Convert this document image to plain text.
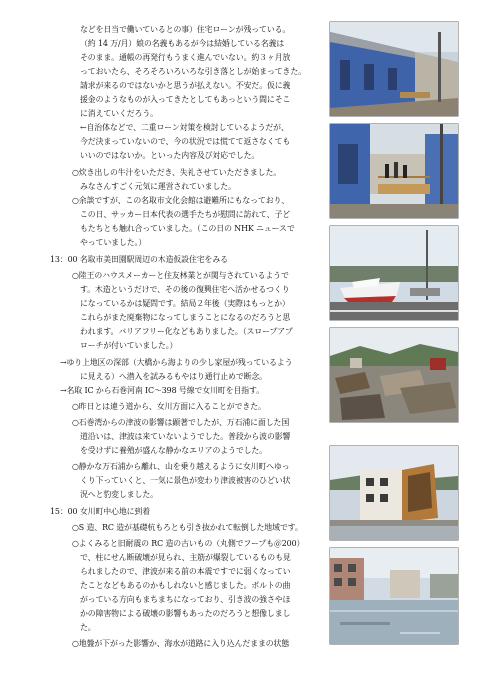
などを日当で働いているとの事）住宅ローンが残っている。
（約 14 万/月）娘の名義もあるが今は結婚している名義は
そのまま。通帳の再発行もうまく進んでいない。約３ヶ月放
っておいたら、そろそろいろいろな引き落としが始まってきた。
請求が来るのではないかと思うが払えない。不安だ。仮に義
援金のようなものが入ってきたとしてもあっという間にそこ
に消えていくだろう。
←自治体などで、二重ローン対策を検討しているようだが、
今だ決まっていないので、今の状況では慌てて返さなくても
いいのではないか。といった内容及び対応でした。
○炊き出しの牛汁をいただき、失礼させていただきました。
みなさんすごく元気に運営されていました。
○余談ですが、この名取市文化会館は避難所にもなっており、
この日、サッカー日本代表の選手たちが慰問に訪れて、子ど
もたちとも触れ合っていました。（この日の NHK ニュースで
やっていました。）
13：00 名取市美田園駅周辺の木造仮設住宅をみる
○陸王のハウスメーカーと住友林業とが関与されているようで
す。木造というだけで、その後の復興住宅へ活かせるつくり
になっているかは疑問です。結局２年後（実際はもっとか）
これらがまた廃棄物になってしまうことになるのだろうと思
われます。バリアフリー化などもありました。（スロープアプ
ローチが付いていました。）
→ゆり上地区の深部（大橋から海よりの少し家屋が残っているよう
に見える）へ潜入を試みるもやはり通行止めで断念。
→名取 IC から石巻河南 IC～398 号線で女川町を目指す。
○昨日とは違う道から、女川方面に入ることができた。
○石巻湾からの津波の影響は顕著でしたが、万石浦に面した国
道沿いは、津波は来ていないようでした。普段から波の影響
を受けずに養殖が盛んな静かなエリアのようでした。
○静かな万石浦から離れ、山を乗り越えるように女川町へゆっ
くり下っていくと、一気に景色が変わり津波被害のひどい状
況へと豹変しました。
15：00 女川町中心地に到着
○S 造、RC 造が基礎杭もろとも引き抜かれて転倒した地域です。
○よくみると旧耐震の RC 造の古いもの（丸側でフープも＠200）
で、柱にせん断破壊が見られ、主筋が爆裂しているものも見
られましたので、津波が来る前の本震ですでに弱くなってい
たことなどもあるのかもしれないと感じました。ボルトの曲
がっている方向もまちまちになっており、引き波の強さやほ
かの障害物による破壊の影響もあったのだろうと想像しまし
た。
○地盤が下がった影響か、海水が道路に入り込んだままの状態
